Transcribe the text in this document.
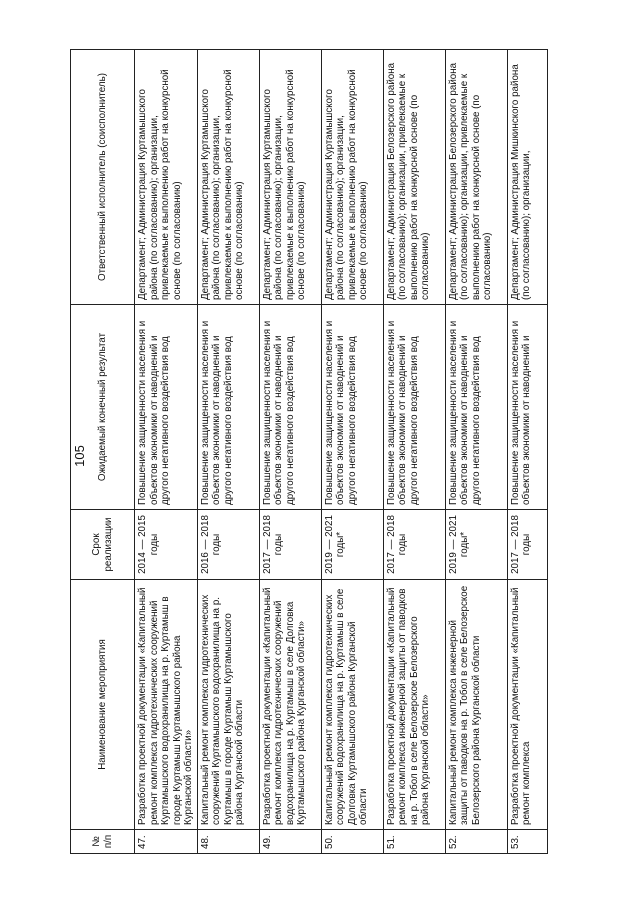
105
№ п/п	Наименование мероприятия	Срок реализации	Ожидаемый конечный результат	Ответственный исполнитель (соисполнитель)
47.	Разработка проектной документации «Капитальный ремонт комплекса гидротехнических сооружений Куртамышского водохранилища на р. Куртамыш в городе Куртамыш Куртамышского района Курганской области»	2014 — 2015 годы	Повышение защищенности населения и объектов экономики от наводнений и другого негативного воздействия вод	Департамент; Администрация Куртамышского района (по согласованию); организации, привлекаемые к выполнению работ на конкурсной основе (по согласованию)
48.	Капитальный ремонт комплекса гидротехнических сооружений Куртамышского водохранилища на р. Куртамыш в городе Куртамыш Куртамышского района Курганской области	2016 — 2018 годы	Повышение защищенности населения и объектов экономики от наводнений и другого негативного воздействия вод	Департамент; Администрация Куртамышского района (по согласованию); организации, привлекаемые к выполнению работ на конкурсной основе (по согласованию)
49.	Разработка проектной документации «Капитальный ремонт комплекса гидротехнических сооружений водохранилища на р. Куртамыш в селе Долговка Куртамышского района Курганской области»	2017 — 2018 годы	Повышение защищенности населения и объектов экономики от наводнений и другого негативного воздействия вод	Департамент; Администрация Куртамышского района (по согласованию); организации, привлекаемые к выполнению работ на конкурсной основе (по согласованию)
50.	Капитальный ремонт комплекса гидротехнических сооружений водохранилища на р. Куртамыш в селе Долговка Куртамышского района Курганской области	2019 — 2021 годы*	Повышение защищенности населения и объектов экономики от наводнений и другого негативного воздействия вод	Департамент; Администрация Куртамышского района (по согласованию); организации, привлекаемые к выполнению работ на конкурсной основе (по согласованию)
51.	Разработка проектной документации «Капитальный ремонт комплекса инженерной защиты от паводков на р. Тобол в селе Белозерское Белозерского района Курганской области»	2017 — 2018 годы	Повышение защищенности населения и объектов экономики от наводнений и другого негативного воздействия вод	Департамент; Администрация Белозерского района (по согласованию); организации, привлекаемые к выполнению работ на конкурсной основе (по согласованию)
52.	Капитальный ремонт комплекса инженерной защиты от паводков на р. Тобол в селе Белозерское Белозерского района Курганской области	2019 — 2021 годы*	Повышение защищенности населения и объектов экономики от наводнений и другого негативного воздействия вод	Департамент; Администрация Белозерского района (по согласованию); организации, привлекаемые к выполнению работ на конкурсной основе (по согласованию)
53.	Разработка проектной документации «Капитальный ремонт комплекса	2017 — 2018 годы	Повышение защищенности населения и объектов экономики от наводнений и	Департамент; Администрация Мишкинского района (по согласованию); организации,
